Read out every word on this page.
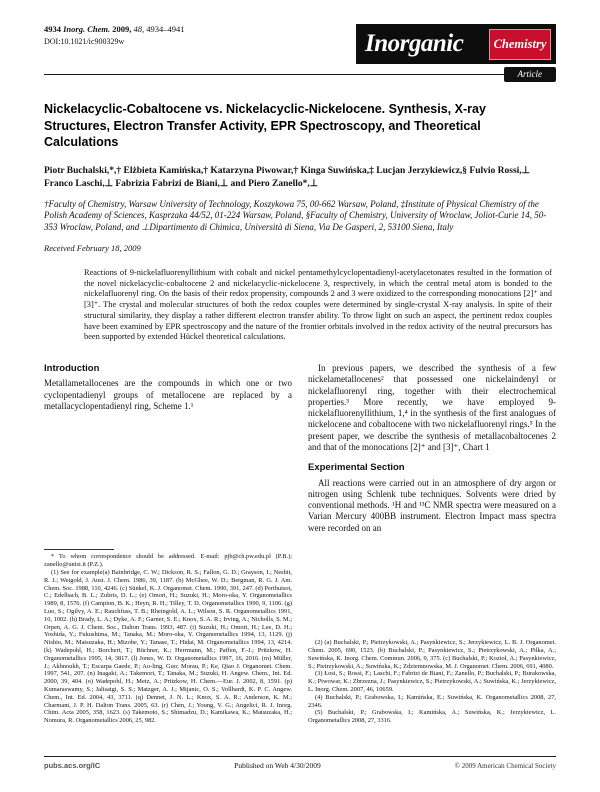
4934 Inorg. Chem. 2009, 48, 4934–4941
DOI:10.1021/ic900329w	Inorganic	Chemistry
Article
Nickelacyclic-Cobaltocene vs. Nickelacyclic-Nickelocene. Synthesis, X-ray Structures, Electron Transfer Activity, EPR Spectroscopy, and Theoretical Calculations
Piotr Buchalski,*,† Elżbieta Kamińska,† Katarzyna Piwowar,† Kinga Suwińska,‡ Lucjan Jerzykiewicz,§ Fulvio Rossi,⊥ Franco Laschi,⊥ Fabrizia Fabrizi de Biani,⊥ and Piero Zanello*,⊥
†Faculty of Chemistry, Warsaw University of Technology, Koszykowa 75, 00-662 Warsaw, Poland, ‡Institute of Physical Chemistry of the Polish Academy of Sciences, Kasprzaka 44/52, 01-224 Warsaw, Poland, §Faculty of Chemistry, University of Wroclaw, Joliot-Curie 14, 50-353 Wroclaw, Poland, and ⊥Dipartimento di Chimica, Università di Siena, Via De Gasperi, 2, 53100 Siena, Italy
Received February 18, 2009
Reactions of 9-nickelafluorenyllithium with cobalt and nickel pentamethylcyclopentadienyl-acetylacetonates resulted in the formation of the novel nickelacyclic-cobaltocene 2 and nickelacyclic-nickelocene 3, respectively, in which the central metal atom is bonded to the nickelafluorenyl ring. On the basis of their redox propensity, compounds 2 and 3 were oxidized to the corresponding monocations [2]⁺ and [3]⁺. The crystal and molecular structures of both the redox couples were determined by single-crystal X-ray analysis. In spite of their structural similarity, they display a rather different electron transfer ability. To throw light on such an aspect, the pertinent redox couples have been examined by EPR spectroscopy and the nature of the frontier orbitals involved in the redox activity of the neutral precursors has been supported by extended Hückel theoretical calculations.
Introduction

Metallametallocenes are the compounds in which one or two cyclopentadienyl groups of metallocene are replaced by a metallacyclopentadienyl ring, Scheme 1.¹

* To whom correspondence should be addressed. E-mail: pjb@ch.pw.edu.pl (P.B.); zanello@unisi.it (P.Z.).

(1) See for example(a) Bainbridge, C. W.; Dickson, R. S.; Fallon, G. D.; Grayson, I.; Nesbit, R. J.; Weigold, J. Aust. J. Chem. 1986, 39, 1187. (b) McGhee, W. D.; Bergman, R. G. J. Am. Chem. Soc. 1988, 110, 4246. (c) Sünkel, K. J. Organomet. Chem. 1990, 391, 247. (d) Perthuisot, C.; Edelbach, B. L.; Zubris, D. L.; (e) Omori, H.; Suzuki, H.; Moro-oka, Y. Organometallics 1989, 8, 1576. (f) Campion, B. K.; Heyn, R. H.; Tilley, T. D. Organometallics 1990, 9, 1106. (g) Luo, S.; Ogilvy, A. E.; Rauchfuss, T. B.; Rheingold, A. L.; Wilson, S. R. Organometallics 1991, 10, 1002. (h) Brady, L. A.; Dyke, A. F.; Garner, S. E.; Knox, S. A. R.; Irving, A.; Nicholls, S. M.; Orpen, A. G. J. Chem. Soc., Dalton Trans. 1993, 487. (i) Suzuki, H.; Omori, H.; Lee, D. H.; Yoshida, Y.; Fukushima, M.; Tanaka, M.; Moro-oka, Y. Organometallics 1994, 13, 1129. (j) Nishio, M.; Matsuzaka, H.; Mizobe, Y.; Tanase, T.; Hidai, M. Organometallics 1994, 13, 4214. (k) Wadepohl, H.; Borchert, T.; Büchner, K.; Herrmann, M.; Paffen, F.-J.; Pritzkow, H. Organometallics 1995, 14, 3817. (l) Jones, W. D. Organometallics 1997, 16, 2016. (m) Müller, J.; Akhnoukh, T.; Escarpa Gaede, P.; Ao-ling, Guo; Morau, P.; Ke, Qiao J. Organomet. Chem. 1997, 541, 207. (n) Inagaki, A.; Takemori, T.; Tanaka, M.; Suzuki, H. Angew. Chem., Int. Ed. 2000, 39, 404. (o) Wadepohl, H.; Metz, A.; Pritzkow, H. Chem.—Eur. J. 2002, 8, 1591. (p) Kumaraswamy, S.; Jalisatgi, S. S.; Matzger, A. J.; Mijanic, O. S.; Vollhardt, K. P. C. Angew. Chem., Int. Ed. 2004, 43, 3711. (q) Dennet, J. N. L.; Knox, S. A. R.; Anderson, K. M.; Charmant, J. P. H. Dalton Trans. 2005, 63. (r) Chen, J.; Young, V. G.; Angelici, R. J. Inorg. Chim. Acta 2005, 358, 1623. (s) Takemoto, S.; Shimadzu, D.; Kamikawa, K.; Matsuzaka, H.; Nomura, R. Organometallics 2006, 25, 982.

In previous papers, we described the synthesis of a few nickelametallocenes² that possessed one nickelaindenyl or nickelafluorenyl ring, together with their electrochemical properties.³ More recently, we have employed 9-nickelafluorenyllithium, 1,⁴ in the synthesis of the first analogues of nickelocene and cobaltocene with two nickelafluorenyl rings.⁵ In the present paper, we describe the synthesis of metallacobaltocenes 2 and that of the monocations [2]⁺ and [3]⁺, Chart 1

Experimental Section

All reactions were carried out in an atmosphere of dry argon or nitrogen using Schlenk tube techniques. Solvents were dried by conventional methods. ¹H and ¹³C NMR spectra were measured on a Varian Mercury 400BB instrument. Electron Impact mass spectra were recorded on an

(2) (a) Buchalski, P.; Pietrzykowski, A.; Pasynkiewicz, S.; Jerzykiewicz, L. B. J. Organomet. Chem. 2005, 690, 1523. (b) Buchalski, P.; Pasynkiewicz, S.; Pietrzykowski, A.; Pilka, A.; Suwińska, K. Inorg. Chem. Commun. 2006, 9, 375. (c) Buchalski, P.; Kozioł, A.; Pasynkiewicz, S.; Pietrzykowski, A.; Suwińska, K.; Zdziemnowska, M. J. Organomet. Chem. 2006, 691, 4080.

(3) Łosi, S.; Rossi, F.; Laschi, F.; Fabrizi de Biani, F.; Zanello, P.; Buchalski, P.; Burakowska, K.; Piwowar, K.; Zbrzezna, J.; Pasynkiewicz, S.; Pietrzykowski, A.; Suwińska, K.; Jerzykiewicz, L. Inorg. Chem. 2007, 46, 10659.

(4) Buchalski, P.; Grabowska, I.; Kamińska, E.; Suwińska, K. Organometallics 2008, 27, 2346.

(5) Buchalski, P.; Grabowska, I.; Kamińska, A.; Suwińska, K.; Jerzykiewicz, L. Organometallics 2008, 27, 3316.

pubs.acs.org/IC	Published on Web 4/30/2009	© 2009 American Chemical Society
